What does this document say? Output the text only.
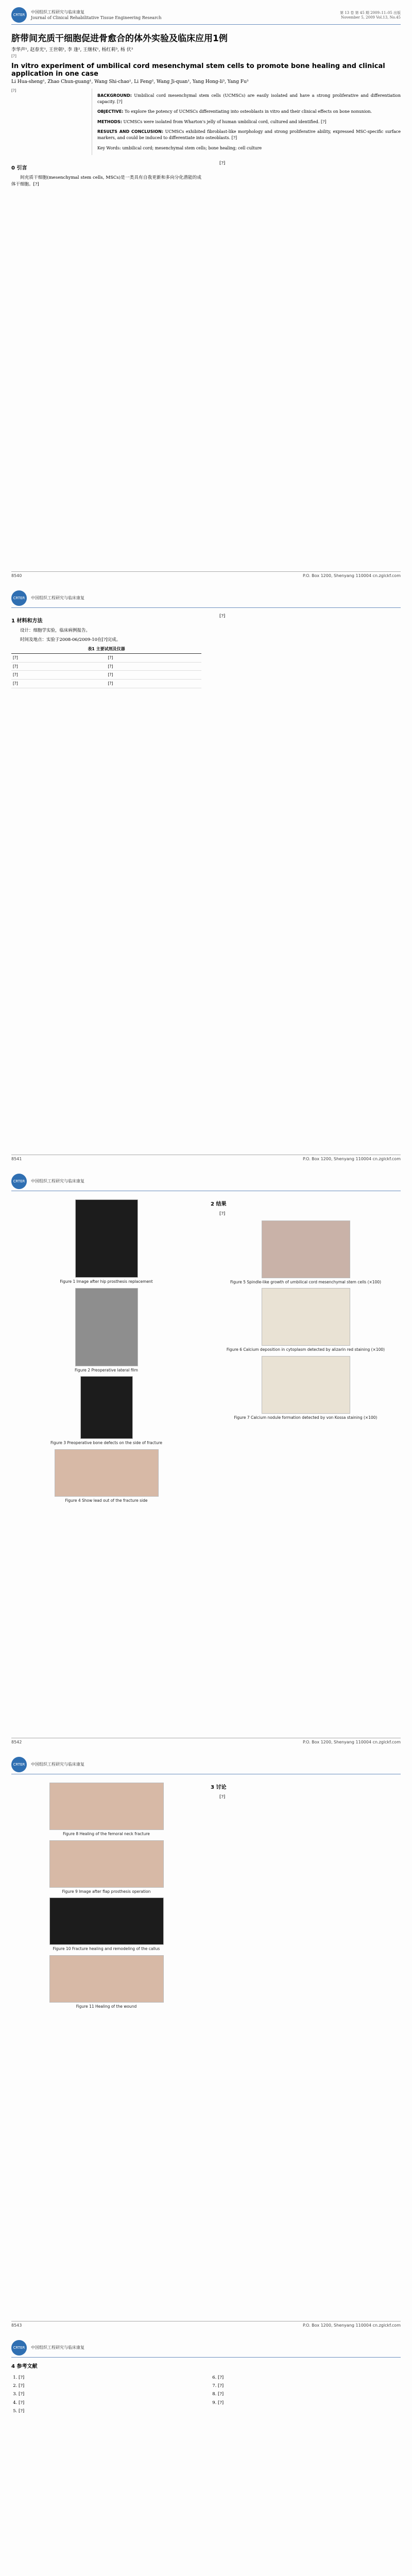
CRTER
中国组织工程研究与临床康复
Journal of Clinical Rehabilitative Tissue Engineering Research
第 13 卷 第 45 期 2009–11–05 出版
November 5, 2009 Vol.13, No.45
脐带间充质干细胞促进骨愈合的体外实验及临床应用1例
李华声¹, 赵春光¹, 王世朝¹, 李 逢², 王继权¹, 杨红莉³, 杨 伏³
[?]
In vitro experiment of umbilical cord mesenchymal stem cells to promote bone healing and clinical application in one case
Li Hua-sheng¹, Zhao Chun-guang¹, Wang Shi-chao¹, Li Feng², Wang Ji-quan¹, Yang Hong-li³, Yang Fu³
[?]

BACKGROUND: Umbilical cord mesenchymal stem cells (UCMSCs) are easily isolated and have a strong proliferative and differentiation capacity. [?]

OBJECTIVE: To explore the potency of UCMSCs differentiating into osteoblasts in vitro and their clinical effects on bone nonunion.

METHODS: UCMSCs were isolated from Wharton's jelly of human umbilical cord, cultured and identified. [?]

RESULTS AND CONCLUSION: UCMSCs exhibited fibroblast-like morphology and strong proliferative ability, expressed MSC-specific surface markers, and could be induced to differentiate into osteoblasts. [?]

Key Words: umbilical cord; mesenchymal stem cells; bone healing; cell culture

0 引言

间充质干细胞(mesenchymal stem cells, MSCs)是一类具有自我更新和多向分化潜能的成体干细胞。[?]

[?]

8540	P.O. Box 1200, Shenyang 110004 cn.zglckf.com
CRTER	中国组织工程研究与临床康复
1 材料和方法

设计：细胞学实验，临床病例报告。

时间及地点：实验于2008-06/2009-10在[?]完成。

表1 主要试剂及仪器
[?]	[?]
[?]	[?]
[?]	[?]
[?]	[?]

[?]

8541	P.O. Box 1200, Shenyang 110004 cn.zglckf.com
CRTER	中国组织工程研究与临床康复
Figure 1 Image after hip prosthesis replacement
Figure 2 Preoperative lateral film
Figure 3 Preoperative bone defects on the side of fracture
Figure 4 Show lead out of the fracture side
2 结果

[?]

Figure 5 Spindle-like growth of umbilical cord mesenchymal stem cells (×100)
Figure 6 Calcium deposition in cytoplasm detected by alizarin red staining (×100)
Figure 7 Calcium nodule formation detected by von Kossa staining (×100)
8542	P.O. Box 1200, Shenyang 110004 cn.zglckf.com
CRTER	中国组织工程研究与临床康复
Figure 8 Healing of the femoral neck fracture
Figure 9 Image after flap prosthesis operation
Figure 10 Fracture healing and remodeling of the callus
Figure 11 Healing of the wound
3 讨论

[?]

8543	P.O. Box 1200, Shenyang 110004 cn.zglckf.com
CRTER	中国组织工程研究与临床康复
4 参考文献
1. [?]
2. [?]
3. [?]
4. [?]
5. [?]
6. [?]
7. [?]
8. [?]
9. [?]
